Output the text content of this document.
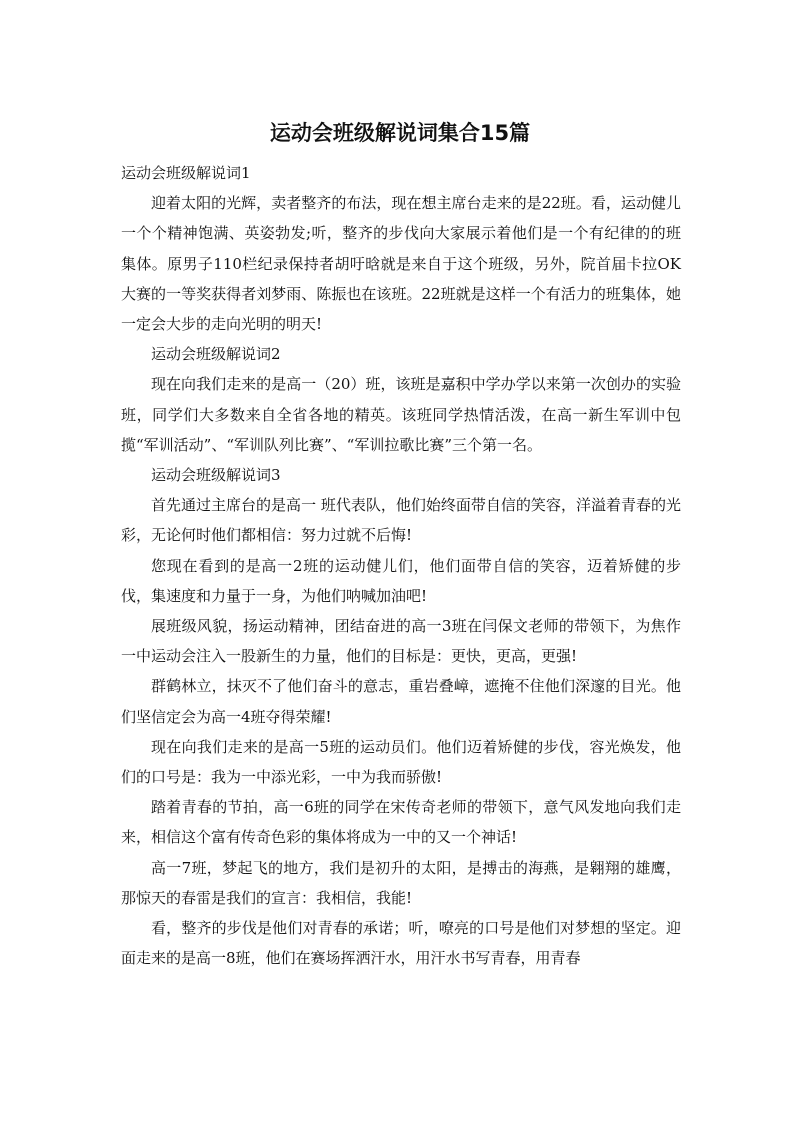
运动会班级解说词集合15篇

运动会班级解说词1

迎着太阳的光辉，卖者整齐的布法，现在想主席台走来的是22班。看，运动健儿一个个精神饱满、英姿勃发;听，整齐的步伐向大家展示着他们是一个有纪律的的班集体。原男子110栏纪录保持者胡吁晗就是来自于这个班级，另外，院首届卡拉OK大赛的一等奖获得者刘梦雨、陈振也在该班。22班就是这样一个有活力的班集体，她一定会大步的走向光明的明天!

运动会班级解说词2

现在向我们走来的是高一（20）班，该班是嘉积中学办学以来第一次创办的实验班，同学们大多数来自全省各地的精英。该班同学热情活泼，在高一新生军训中包揽“军训活动”、“军训队列比赛”、“军训拉歌比赛”三个第一名。

运动会班级解说词3

首先通过主席台的是高一 班代表队，他们始终面带自信的笑容，洋溢着青春的光彩，无论何时他们都相信：努力过就不后悔!

您现在看到的是高一2班的运动健儿们，他们面带自信的笑容，迈着矫健的步伐，集速度和力量于一身，为他们呐喊加油吧!

展班级风貌，扬运动精神，团结奋进的高一3班在闫保文老师的带领下，为焦作一中运动会注入一股新生的力量，他们的目标是：更快，更高，更强!

群鹤林立，抹灭不了他们奋斗的意志，重岩叠嶂，遮掩不住他们深邃的目光。他们坚信定会为高一4班夺得荣耀!

现在向我们走来的是高一5班的运动员们。他们迈着矫健的步伐，容光焕发，他们的口号是：我为一中添光彩，一中为我而骄傲!

踏着青春的节拍，高一6班的同学在宋传奇老师的带领下，意气风发地向我们走来，相信这个富有传奇色彩的集体将成为一中的又一个神话!

高一7班，梦起飞的地方，我们是初升的太阳，是搏击的海燕，是翱翔的雄鹰，那惊天的春雷是我们的宣言：我相信，我能!

看，整齐的步伐是他们对青春的承诺；听，嘹亮的口号是他们对梦想的坚定。迎面走来的是高一8班，他们在赛场挥洒汗水，用汗水书写青春，用青春
